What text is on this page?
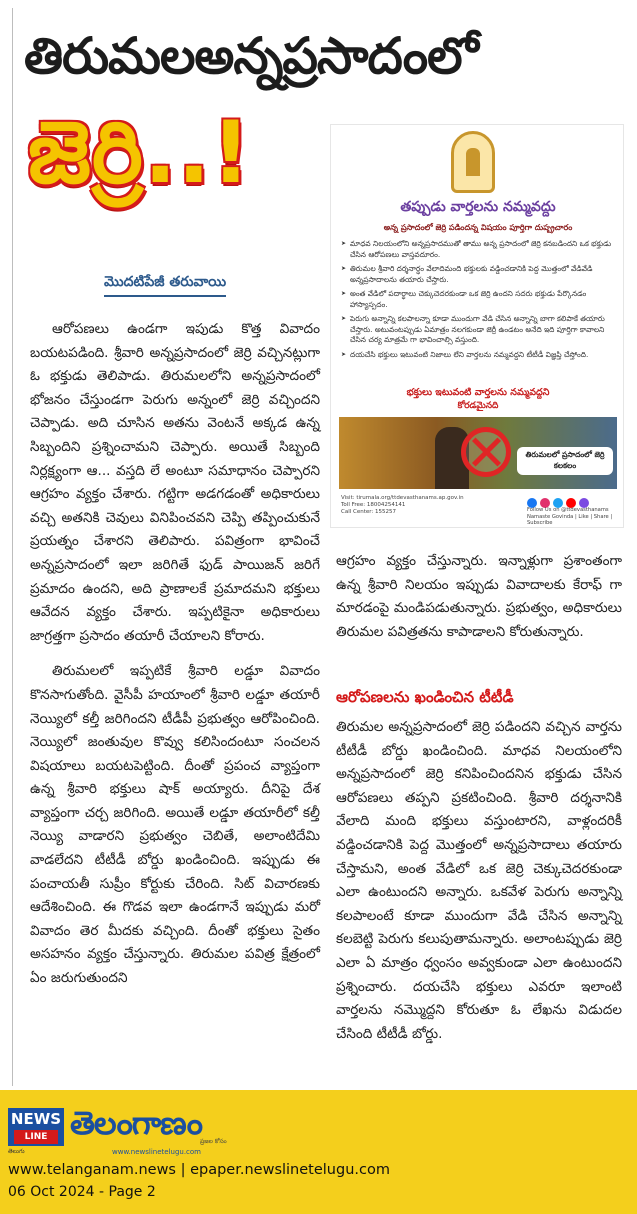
తిరుమలఅన్నప్రసాదంలో
జెర్రి..!
తప్పుడు వార్తలను నమ్మవద్దు
అన్న ప్రసాదంలో జెర్రి పడిందన్న విషయం పూర్తిగా దుష్ప్రచారం
➤ మాధవ నిలయంలోని అన్నప్రసాదముతో తాము అన్న ప్రసాదంలో జెర్రి కనబడిందని ఒక భక్తుడు చేసిన ఆరోపణలు వాస్తవదూరం.
➤ తిరుమల శ్రీవారి దర్శనార్థం వేలాదిమంది భక్తులకు వడ్డించడానికి పెద్ద మొత్తంలో వేడివేడి అన్నప్రసాదాలను తయారు చేస్తారు.
➤ అంత వేడిలో పదార్థాలు చెక్కుచెదరకుండా ఒక జెర్రి ఉందని సదరు భక్తుడు పేర్కొనడం హాస్యాస్పదం.
➤ పెరుగు అన్నాన్ని కలపాలన్నా కూడా ముందుగా వేడి చేసిన అన్నాన్ని బాగా కలిపాకే తయారు చేస్తారు. అటువంటప్పుడు ఏమాత్రం నలగకుండా జెర్రీ ఉండటం అనేది ఇది పూర్తిగా కావాలని చేసిన చర్య మాత్రమే గా భావించాల్సి వస్తుంది.
➤ దయచేసి భక్తులు ఇటువంటి నిజాలు లేని వార్తలను నమ్మవద్దని టీటీడీ విజ్ఞప్తి చేస్తోంది.
భక్తులు ఇటువంటి వార్తలను నమ్మవద్దని
కోరడమైనది
తిరుమలలో ప్రసాదంలో జెర్రి కలకలం
Visit: tirumala.org/ttdevasthanams.ap.gov.in
Toll Free: 18004254141
Call Center: 155257	Follow Us on @ttdevasthanams
Namaste Govinda | Like | Share | Subscribe
మొదటిపేజీ తరువాయి

ఆరోపణలు ఉండగా ఇపుడు కొత్త వివాదం బయటపడింది. శ్రీవారి అన్నప్రసాదంలో జెర్రి వచ్చినట్లుగా ఓ భక్తుడు తెలిపాడు. తిరుమలలోని అన్నప్రసాదంలో భోజనం చేస్తుండగా పెరుగు అన్నంలో జెర్రి వచ్చిందని చెప్పాడు. అది చూసిన అతను వెంటనే అక్కడ ఉన్న సిబ్బందిని ప్రశ్నించామని చెప్పారు. అయితే సిబ్బంది నిర్లక్ష్యంగా ఆ... వస్తది లే అంటూ సమాధానం చెప్పారని ఆగ్రహం వ్యక్తం చేశారు. గట్టిగా అడగడంతో అధికారులు వచ్చి అతనికి చెవులు వినిపించవని చెప్పి తప్పించుకునే ప్రయత్నం చేశారని తెలిపారు. పవిత్రంగా భావించే అన్నప్రసాదంలో ఇలా జరిగితే ఫుడ్ పాయిజన్ జరిగే ప్రమాదం ఉందని, అది ప్రాణాలకే ప్రమాదమని భక్తులు ఆవేదన వ్యక్తం చేశారు. ఇప్పటికైనా అధికారులు జాగ్రత్తగా ప్రసాదం తయారీ చేయాలని కోరారు.

తిరుమలలో ఇప్పటికే శ్రీవారి లడ్డూ వివాదం కొనసాగుతోంది. వైసీపీ హయాంలో శ్రీవారి లడ్డూ తయారీ నెయ్యిలో కల్తీ జరిగిందని టీడీపీ ప్రభుత్వం ఆరోపించింది. నెయ్యిలో జంతువుల కొవ్వు కలిసిందంటూ సంచలన విషయాలు బయటపెట్టింది. దీంతో ప్రపంచ వ్యాప్తంగా ఉన్న శ్రీవారి భక్తులు షాక్ అయ్యారు. దీనిపై దేశ వ్యాప్తంగా చర్చ జరిగింది. అయితే లడ్డూ తయారీలో కల్తీ నెయ్యి వాడారని ప్రభుత్వం చెబితే, అలాంటిదేమి వాడలేదని టీటీడీ బోర్డు ఖండించింది. ఇప్పుడు ఈ పంచాయతీ సుప్రీం కోర్టుకు చేరింది. సిట్ విచారణకు ఆదేశించింది. ఈ గొడవ ఇలా ఉండగానే ఇప్పుడు మరో వివాదం తెర మీదకు వచ్చింది. దీంతో భక్తులు సైతం అసహనం వ్యక్తం చేస్తున్నారు. తిరుమల పవిత్ర క్షేత్రంలో ఏం జరుగుతుందని

ఆగ్రహం వ్యక్తం చేస్తున్నారు. ఇన్నాళ్లుగా ప్రశాంతంగా ఉన్న శ్రీవారి నిలయం ఇప్పుడు వివాదాలకు కేరాఫ్ గా మారడంపై మండిపడుతున్నారు. ప్రభుత్వం, అధికారులు తిరుమల పవిత్రతను కాపాడాలని కోరుతున్నారు.

ఆరోపణలను ఖండించిన టీటీడీ

తిరుమల అన్నప్రసాదంలో జెర్రి పడిందని వచ్చిన వార్తను టీటీడీ బోర్డు ఖండించింది. మాధవ నిలయంలోని అన్నప్రసాదంలో జెర్రి కనిపించిందనిన భక్తుడు చేసిన ఆరోపణలు తప్పని ప్రకటించింది. శ్రీవారి దర్శనానికి వేలాది మంది భక్తులు వస్తుంటారని, వాళ్లందరికీ వడ్డించడానికి పెద్ద మొత్తంలో అన్నప్రసాదాలు తయారు చేస్తామని, అంత వేడిలో ఒక జెర్రి చెక్కుచెదరకుండా ఎలా ఉంటుందని అన్నారు. ఒకవేళ పెరుగు అన్నాన్ని కలపాలంటే కూడా ముందుగా వేడి చేసిన అన్నాన్ని కలబెట్టి పెరుగు కలుపుతామన్నారు. అలాంటప్పుడు జెర్రి ఎలా ఏ మాత్రం ధ్వంసం అవ్వకుండా ఎలా ఉంటుందని ప్రశ్నించారు. దయచేసి భక్తులు ఎవరూ ఇలాంటి వార్తలను నమ్మొద్దని కోరుతూ ఓ లేఖను విడుదల చేసింది టీటీడీ బోర్డు.

NEWS
LINE
తెలుగు
తెలంగాణం
ప్రజల కోసం
www.newslinetelugu.com
www.telanganam.news | epaper.newslinetelugu.com
06 Oct 2024 - Page 2
